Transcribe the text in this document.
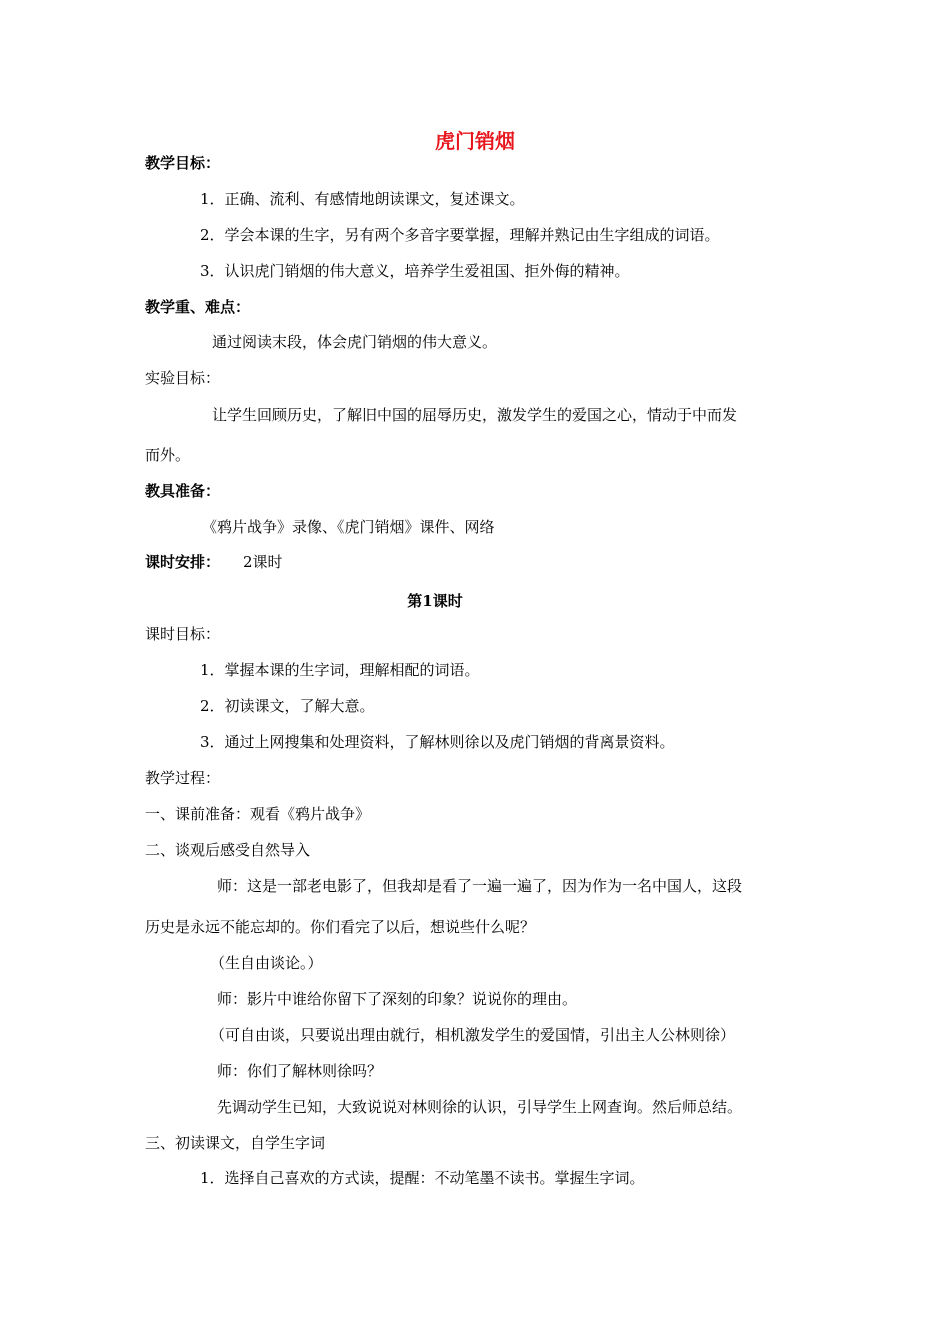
虎门销烟
教学目标：
1．正确、流利、有感情地朗读课文，复述课文。
2．学会本课的生字，另有两个多音字要掌握，理解并熟记由生字组成的词语。
3．认识虎门销烟的伟大意义，培养学生爱祖国、拒外侮的精神。
教学重、难点：
通过阅读末段，体会虎门销烟的伟大意义。
实验目标：
让学生回顾历史，了解旧中国的屈辱历史，激发学生的爱国之心，情动于中而发
而外。
教具准备：
《鸦片战争》录像、《虎门销烟》课件、网络
课时安排： 2课时
第1课时
课时目标：
1．掌握本课的生字词，理解相配的词语。
2．初读课文，了解大意。
3．通过上网搜集和处理资料，了解林则徐以及虎门销烟的背离景资料。
教学过程：
一、课前准备：观看《鸦片战争》
二、谈观后感受自然导入
师：这是一部老电影了，但我却是看了一遍一遍了，因为作为一名中国人，这段
历史是永远不能忘却的。你们看完了以后，想说些什么呢？
（生自由谈论。）
师：影片中谁给你留下了深刻的印象？说说你的理由。
（可自由谈，只要说出理由就行，相机激发学生的爱国情，引出主人公林则徐）
师：你们了解林则徐吗？
先调动学生已知，大致说说对林则徐的认识，引导学生上网查询。然后师总结。
三、初读课文，自学生字词
1．选择自己喜欢的方式读，提醒：不动笔墨不读书。掌握生字词。
